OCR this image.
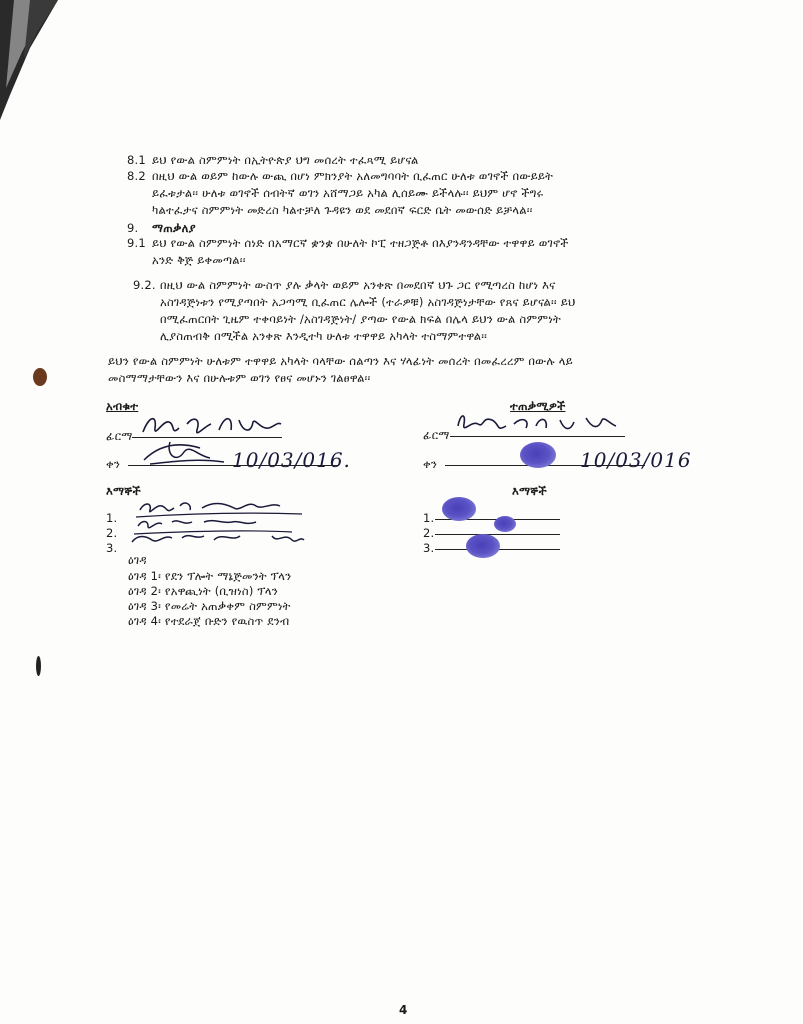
8.1 ይህ የውል ስምምነት በኢትዮጵያ ህግ መሰረት ተፈጻሚ ይሆናል
8.2 በዚህ ውል ወይም ከውሉ ውጪ በሆነ ምክንያት አለመግባባት ቢፈጠር ሁለቱ ወገኖች በውይይት
ይፈቱታል፡፡ ሁለቱ ወገኖች ሰብትኛ ወገን አሸማጋይ አካል ሊሰይሙ ይችላሉ፡፡ ይህም ሆኖ ችግሩ
ካልተፈታና ስምምነት መድረስ ካልተቻለ ጉዳዩን ወደ መደበኛ ፍርድ ቤት መውሰድ ይቻላል፡፡
9. ማጠቃለያ
9.1 ይህ የውል ስምምነት ሰነድ በአማርኛ ቋንቋ በሁለት ኮፒ ተዘጋጅቶ በእያንዳንዳቸው ተዋዋይ ወገኖች
አንድ ቅጅ ይቀመጣል፡፡
9.2. በዚህ ውል ስምምነት ውስጥ ያሉ ቃላት ወይም አንቀጽ በመደበኛ ህጉ ጋር የሚጣረስ ከሆነ እና
አስገዳጅነቱን የሚያጣበት አጋጣሚ ቢፈጠር ሌሎች (ተራዎቹ) አስገዳጅነታቸው የጸና ይሆናል፡፡ ይህ
በሚፈጠርበት ጊዜም ተቀባይነት /አስገዳጅነት/ ያጣው የውል ክፍል በሌላ ይህን ውል ስምምነት
ሊያስጠብቅ በሚችል አንቀጽ እንዲተካ ሁለቱ ተዋዋይ አካላት ተስማምተዋል፡፡
ይህን የውል ስምምነት ሁለቱም ተዋዋይ አካላት ባላቸው ሰልጣን እና ሃላፊነት መሰረት በመፈረረም በውሉ ላይ
መስማማታቸውን እና በሁሉቱም ወገን የፀና መሆኑን ገልፀዋል፡፡
አብቁተ
ፊርማ
ቀን	10/03/016.
እማኞች
1.
2.
3.
ዕገዳ
ዕገዳ 1፡ የደን ፕሎት ማኔጅመንት ፕላን
ዕገዳ 2፡ የአዋጪነት (ቢዝነስ) ፕላን
ዕገዳ 3፡ የመሬት አጠቃቀም ስምምነት
ዕገዳ 4፡ የተደራጀ ቡድን የዉስጥ ደንብ
ተጠቃሚዎች
ፊርማ
ቀን	10/03/016
እማኞች
1.
2.
3.
4
